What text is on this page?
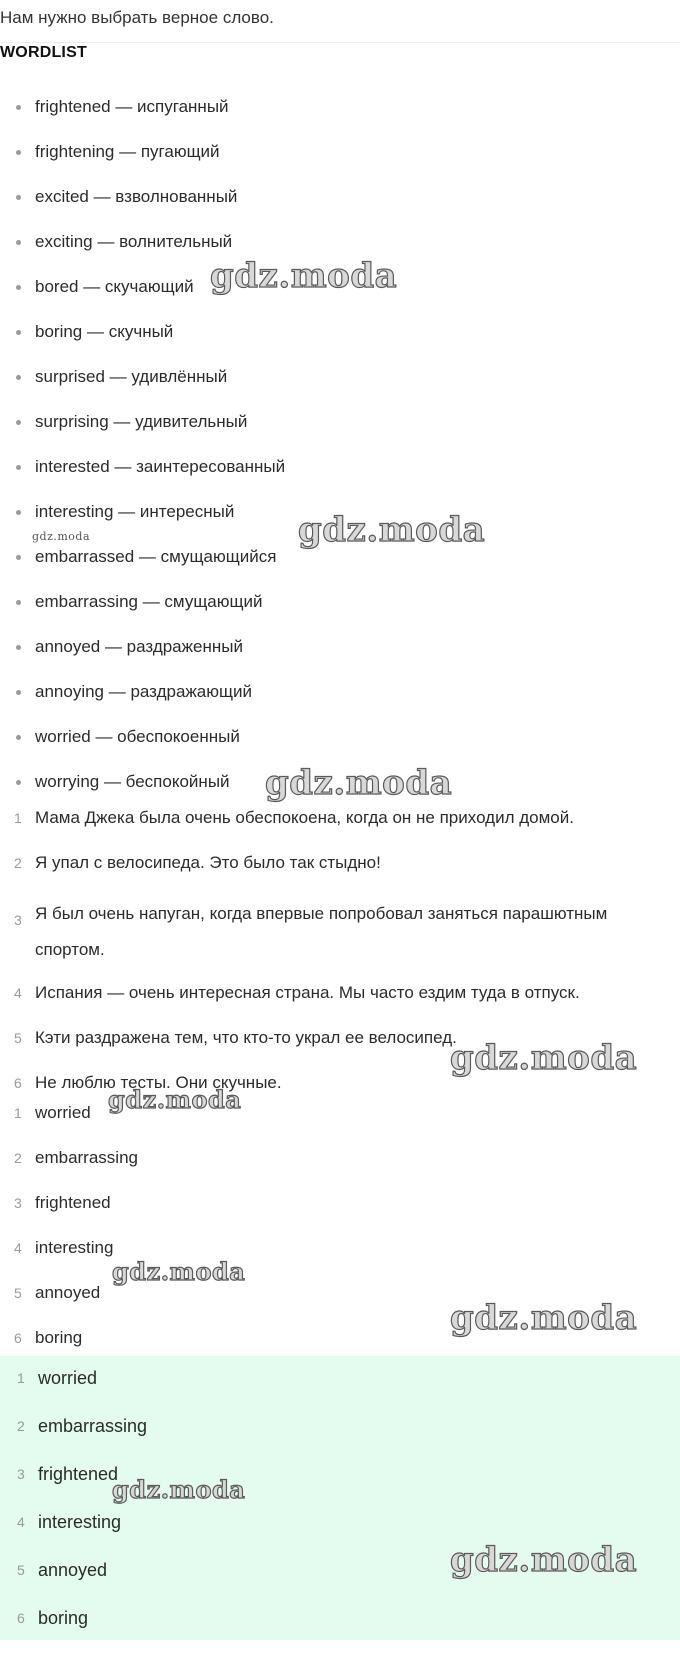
Нам нужно выбрать верное слово.
WORDLIST
frightened — испуганный
frightening — пугающий
excited — взволнованный
exciting — волнительный
bored — скучающий
boring — скучный
surprised — удивлённый
surprising — удивительный
interested — заинтересованный
interesting — интересный
embarrassed — смущающийся
embarrassing — смущающий
annoyed — раздраженный
annoying — раздражающий
worried — обеспокоенный
worrying — беспокойный
1 Мама Джека была очень обеспокоена, когда он не приходил домой.
2 Я упал с велосипеда. Это было так стыдно!
3 Я был очень напуган, когда впервые попробовал заняться парашютным спортом.
4 Испания — очень интересная страна. Мы часто ездим туда в отпуск.
5 Кэти раздражена тем, что кто-то украл ее велосипед.
6 Не люблю тесты. Они скучные.
1 worried
2 embarrassing
3 frightened
4 interesting
5 annoyed
6 boring
1 worried
2 embarrassing
3 frightened
4 interesting
5 annoyed
6 boring
gdz.moda
gdz.moda	gdz.moda
gdz.moda
gdz.moda
gdz.moda
gdz.moda
gdz.moda
gdz.moda
gdz.moda
